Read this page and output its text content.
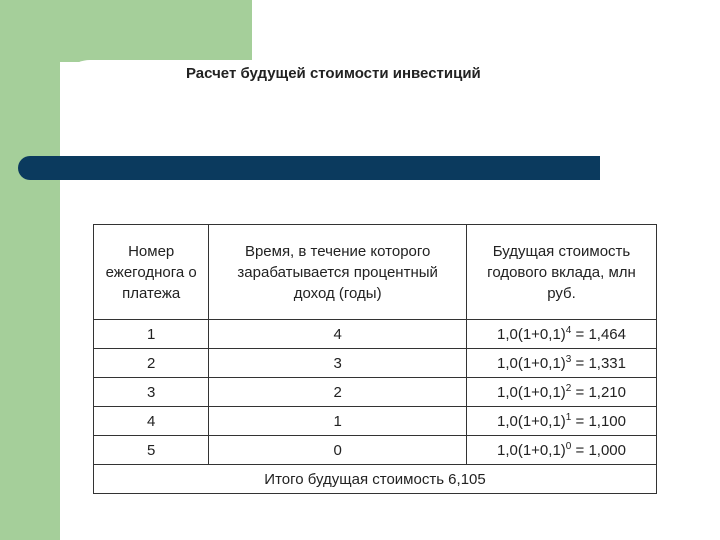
Расчет будущей стоимости инвестиций
Номер ежегоднога о платежа	Время, в течение которого зарабатывается процентный доход (годы)	Будущая стоимость годового вклада, млн руб.
1	4	$1,0(1+0,1)^4 = 1,464$
2	3	$1,0(1+0,1)^3 = 1,331$
3	2	$1,0(1+0,1)^2 = 1,210$
4	1	$1,0(1+0,1)^1 = 1,100$
5	0	$1,0(1+0,1)^0 = 1,000$
Итого будущая стоимость 6,105		
